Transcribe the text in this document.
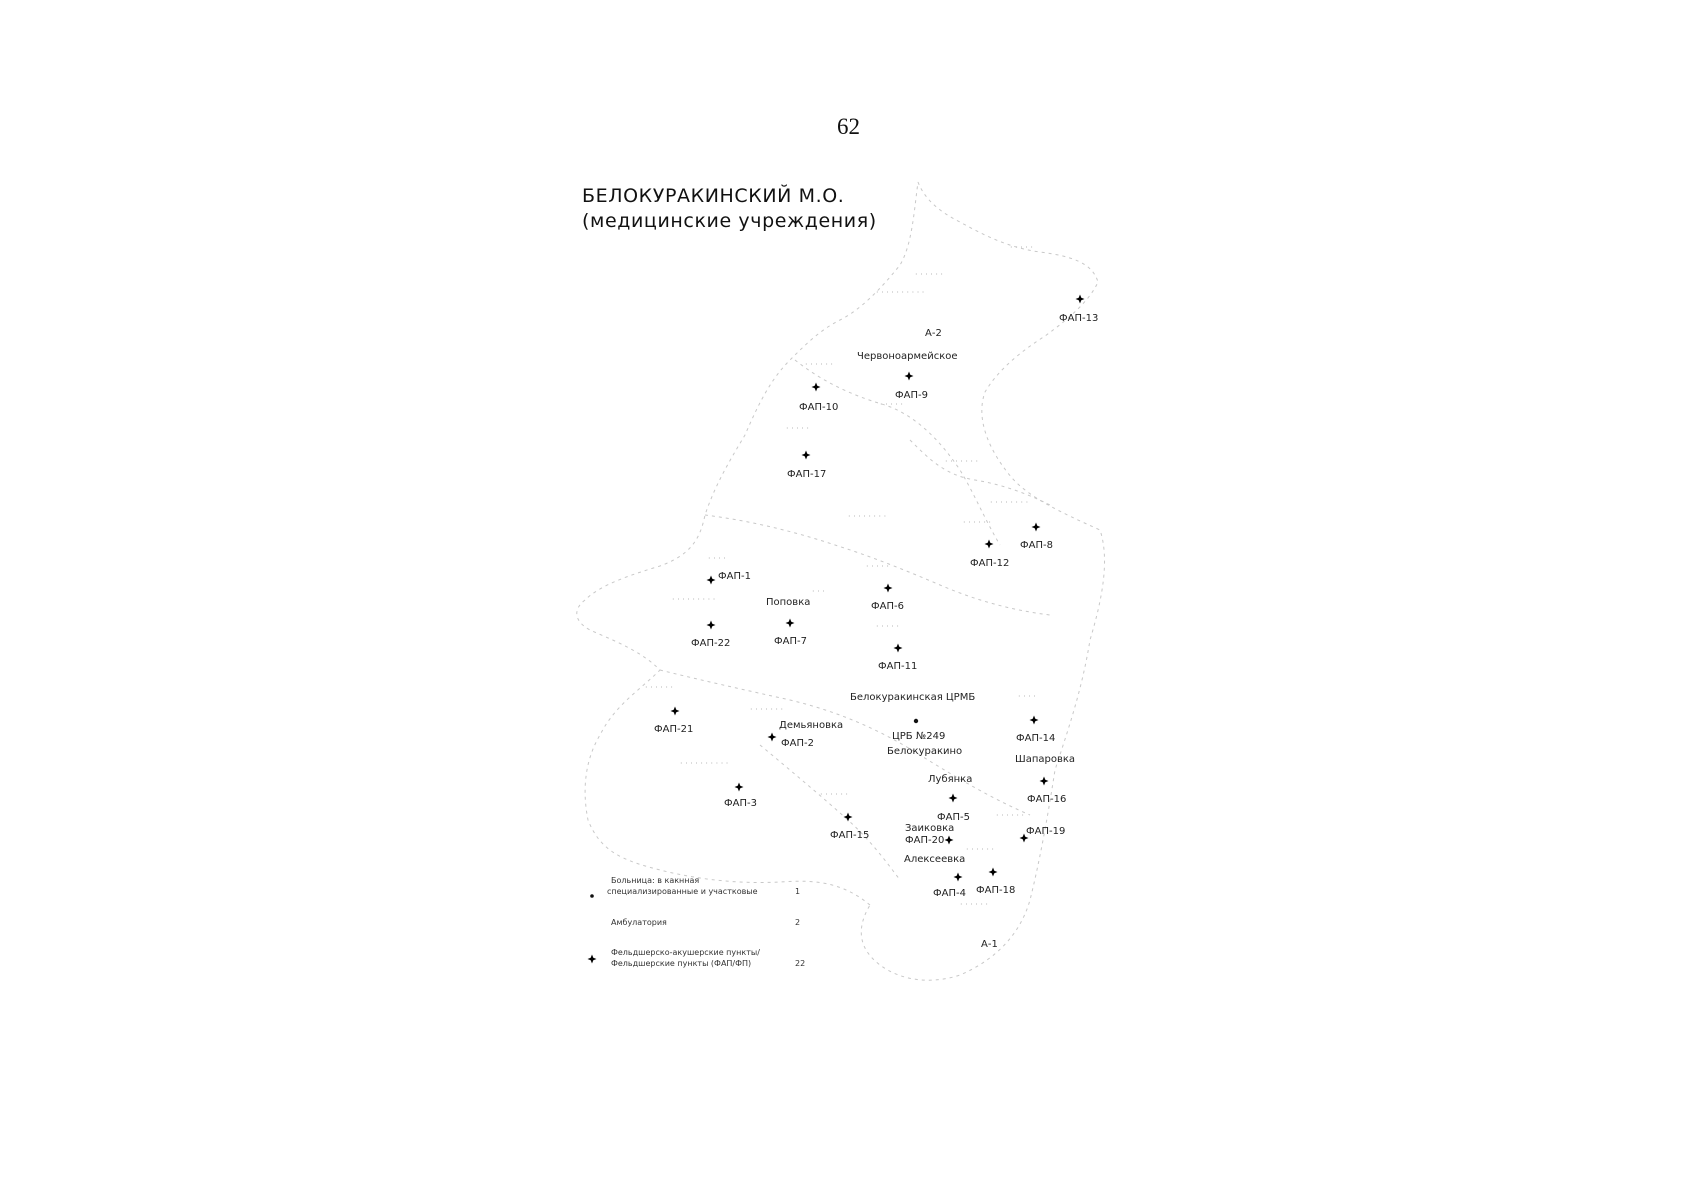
62
БЕЛОКУРАКИНСКИЙ М.О.
(медицинские учреждения)
· · · · · ·
· · · · · · · · · ·
· · · · ·
· · · · · ·
· · · · ·
· · · · ·
· · · · · · ·
· · · · · · · ·
· · · · · · · ·
· · · · · ·
· · · ·
· · · · ·
· · ·
· · · · · · · · ·
· · · · ·
· · · · · ·
· · · ·
· · · · · · ·
· · · · · · · · · ·
· · · · · ·
· · · · · ·
· · · · · ·
· · · · · ·
ФАП-13
А-2
Червоноармейское
ФАП-9
ФАП-10
ФАП-17
ФАП-8
ФАП-12
ФАП-1
Поповка	ФАП-6
ФАП-22	ФАП-7
ФАП-11
Белокуракинская ЦРМБ
ФАП-21	Демьяновка
ФАП-2
ЦРБ №249
Белокуракино
ФАП-14
Шапаровка
Лубянка
ФАП-3	ФАП-16
ФАП-5
ФАП-15
Заиковка
ФАП-20
ФАП-19
Алексеевка
ФАП-4 ФАП-18
А-1
Больница: в какнная
специализированные и участковые	1
Амбулатория	2
Фельдшерско-акушерские пункты/
Фельдшерские пункты (ФАП/ФП)	22
